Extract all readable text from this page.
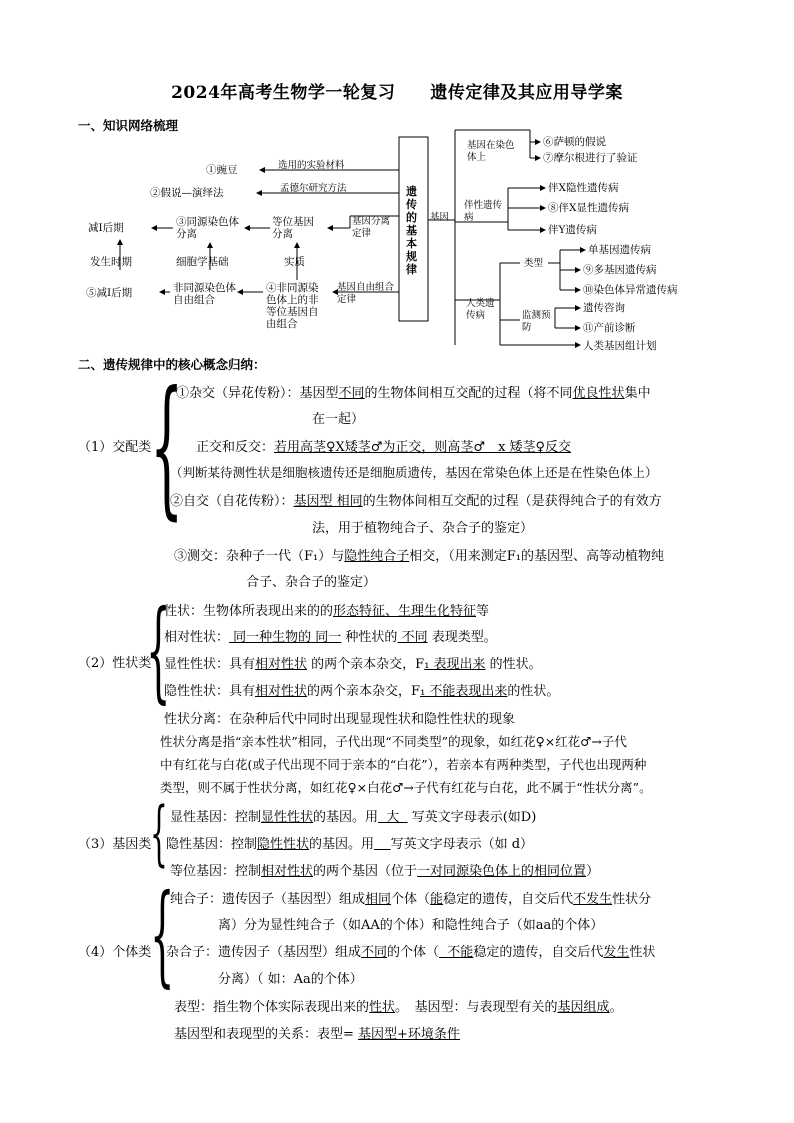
2024年高考生物学一轮复习　　遗传定律及其应用导学案
一、知识网络梳理
遗传的基本规律
①豌豆	选用的实验材料
②假说—演绎法	孟德尔研究方法
减Ⅰ后期	③同源染色体分离
等位基因分离
基因分离定律
发生时期	细胞学基础	实质
⑤减Ⅰ后期	非同源染色体自由组合
④非同源染色体上的非等位基因自由组合
基因自由组合定律
基因
基因在染色体上
⑥萨顿的假说
⑦摩尔根进行了验证
伴性遗传病
伴X隐性遗传病
⑧伴X显性遗传病
伴Y遗传病
人类遗传病
类型
单基因遗传病
⑨多基因遗传病
⑩染色体异常遗传病
监测预防
遗传咨询
⑪产前诊断
人类基因组计划
二、遗传规律中的核心概念归纳：
{
（1）交配类
①杂交（异花传粉）：基因型不同的生物体间相互交配的过程（将不同优良性状集中
在一起）
正交和反交：若用高茎♀X矮茎♂为正交，则高茎♂　x 矮茎♀反交
（判断某待测性状是细胞核遗传还是细胞质遗传，基因在常染色体上还是在性染色体上）
②自交（自花传粉）：基因型 相同的生物体间相互交配的过程（是获得纯合子的有效方
法，用于植物纯合子、杂合子的鉴定）
③测交：杂种子一代（F₁）与隐性纯合子相交，（用来测定F₁的基因型、高等动植物纯
合子、杂合子的鉴定）
{
（2）性状类
性状：生物体所表现出来的的形态特征、生理生化特征等
相对性状： 同一种生物的 同一 种性状的 不同 表现类型。
显性性状：具有相对性状 的两个亲本杂交，F₁ 表现出来 的性状。
隐性性状：具有相对性状的两个亲本杂交，F₁ 不能表现出来的性状。
性状分离：在杂种后代中同时出现显现性状和隐性性状的现象
性状分离是指“亲本性状”相同，子代出现“不同类型”的现象，如红花♀×红花♂→子代
中有红花与白花(或子代出现不同于亲本的“白花”），若亲本有两种类型，子代也出现两种
类型，则不属于性状分离，如红花♀×白花♂→子代有红花与白花，此不属于“性状分离”。
{
（3）基因类
显性基因：控制显性性状的基因。用  大   写英文字母表示(如D)
隐性基因：控制隐性性状的基因。用 写英文字母表示（如 d）
等位基因：控制相对性状的两个基因（位于一对同源染色体上的相同位置）
{
（4）个体类
纯合子：遗传因子（基因型）组成相同个体（能稳定的遗传，自交后代不发生性状分
离）分为显性纯合子（如AA的个体）和隐性纯合子（如aa的个体）
杂合子：遗传因子（基因型）组成不同的个体（  不能稳定的遗传，自交后代发生性状
分离）（ 如：Aa的个体）
表型：指生物个体实际表现出来的性状。　基因型：与表现型有关的基因组成。
基因型和表现型的关系：表型= 基因型+环境条件
